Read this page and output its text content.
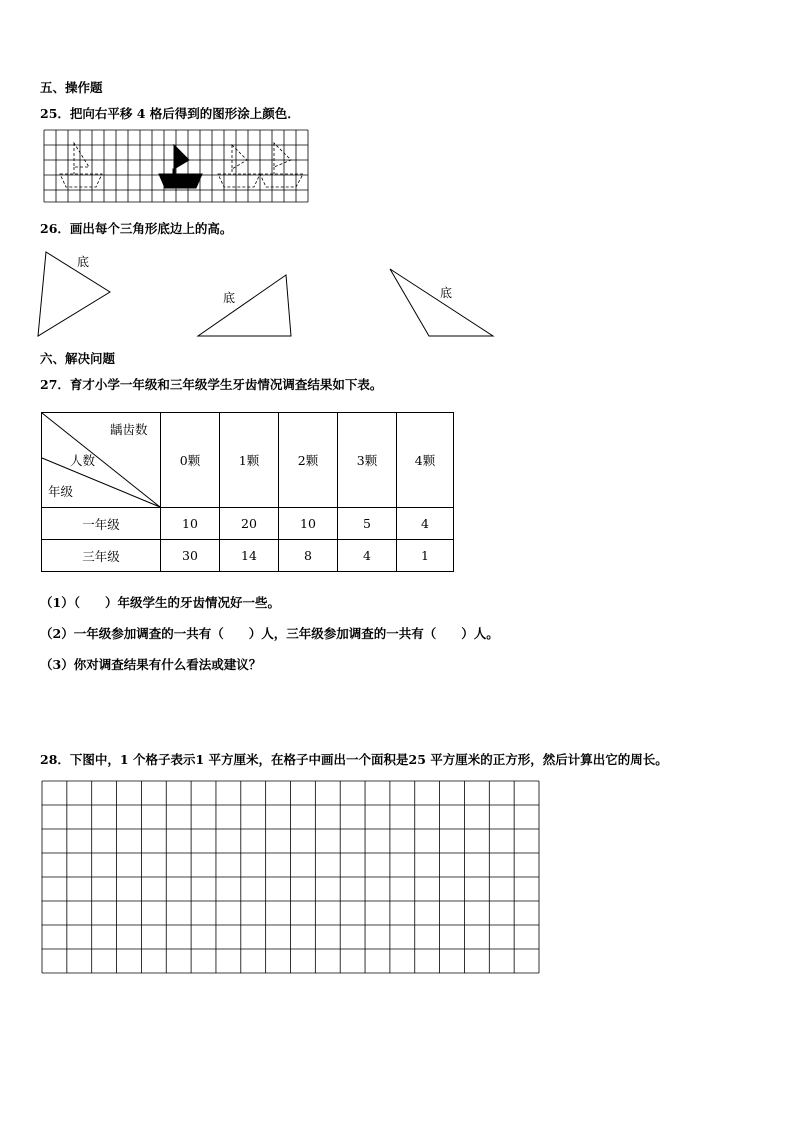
五、操作题
25．把向右平移 4 格后得到的图形涂上颜色．
26．画出每个三角形底边上的高。
底
底	底
六、解决问题
27．育才小学一年级和三年级学生牙齿情况调查结果如下表。
龋齿数
人数
年级	0颗	1颗	2颗	3颗	4颗
一年级	10	20	10	5	4
三年级	30	14	8	4	1
（1）（　　）年级学生的牙齿情况好一些。
（2）一年级参加调查的一共有（　　）人，三年级参加调查的一共有（　　）人。
（3）你对调查结果有什么看法或建议？
28．下图中，1 个格子表示1 平方厘米，在格子中画出一个面积是25 平方厘米的正方形，然后计算出它的周长。
